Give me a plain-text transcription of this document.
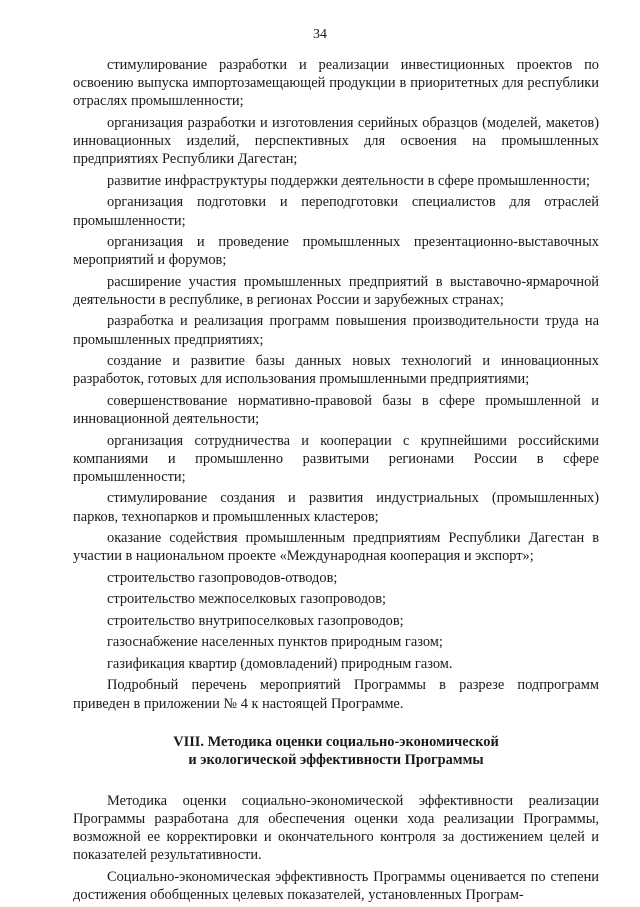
34

стимулирование разработки и реализации инвестиционных проектов по освоению выпуска импортозамещающей продукции в приоритетных для республики отраслях промышленности;

организация разработки и изготовления серийных образцов (моделей, макетов) инновационных изделий, перспективных для освоения на промышленных предприятиях Республики Дагестан;

развитие инфраструктуры поддержки деятельности в сфере промышленности;

организация подготовки и переподготовки специалистов для отраслей промышленности;

организация и проведение промышленных презентационно-выставочных мероприятий и форумов;

расширение участия промышленных предприятий в выставочно-ярмарочной деятельности в республике, в регионах России и зарубежных странах;

разработка и реализация программ повышения производительности труда на промышленных предприятиях;

создание и развитие базы данных новых технологий и инновационных разработок, готовых для использования промышленными предприятиями;

совершенствование нормативно-правовой базы в сфере промышленной и инновационной деятельности;

организация сотрудничества и кооперации с крупнейшими российскими компаниями и промышленно развитыми регионами России в сфере промышленности;

стимулирование создания и развития индустриальных (промышленных) парков, технопарков и промышленных кластеров;

оказание содействия промышленным предприятиям Республики Дагестан в участии в национальном проекте «Международная кооперация и экспорт»;

строительство газопроводов-отводов;

строительство межпоселковых газопроводов;

строительство внутрипоселковых газопроводов;

газоснабжение населенных пунктов природным газом;

газификация квартир (домовладений) природным газом.

Подробный перечень мероприятий Программы в разрезе подпрограмм приведен в приложении № 4 к настоящей Программе.

VIII. Методика оценки социально-экономической
и экологической эффективности Программы

Методика оценки социально-экономической эффективности реализации Программы разработана для обеспечения оценки хода реализации Программы, возможной ее корректировки и окончательного контроля за достижением целей и показателей результативности.

Социально-экономическая эффективность Программы оценивается по степени достижения обобщенных целевых показателей, установленных Програм-
